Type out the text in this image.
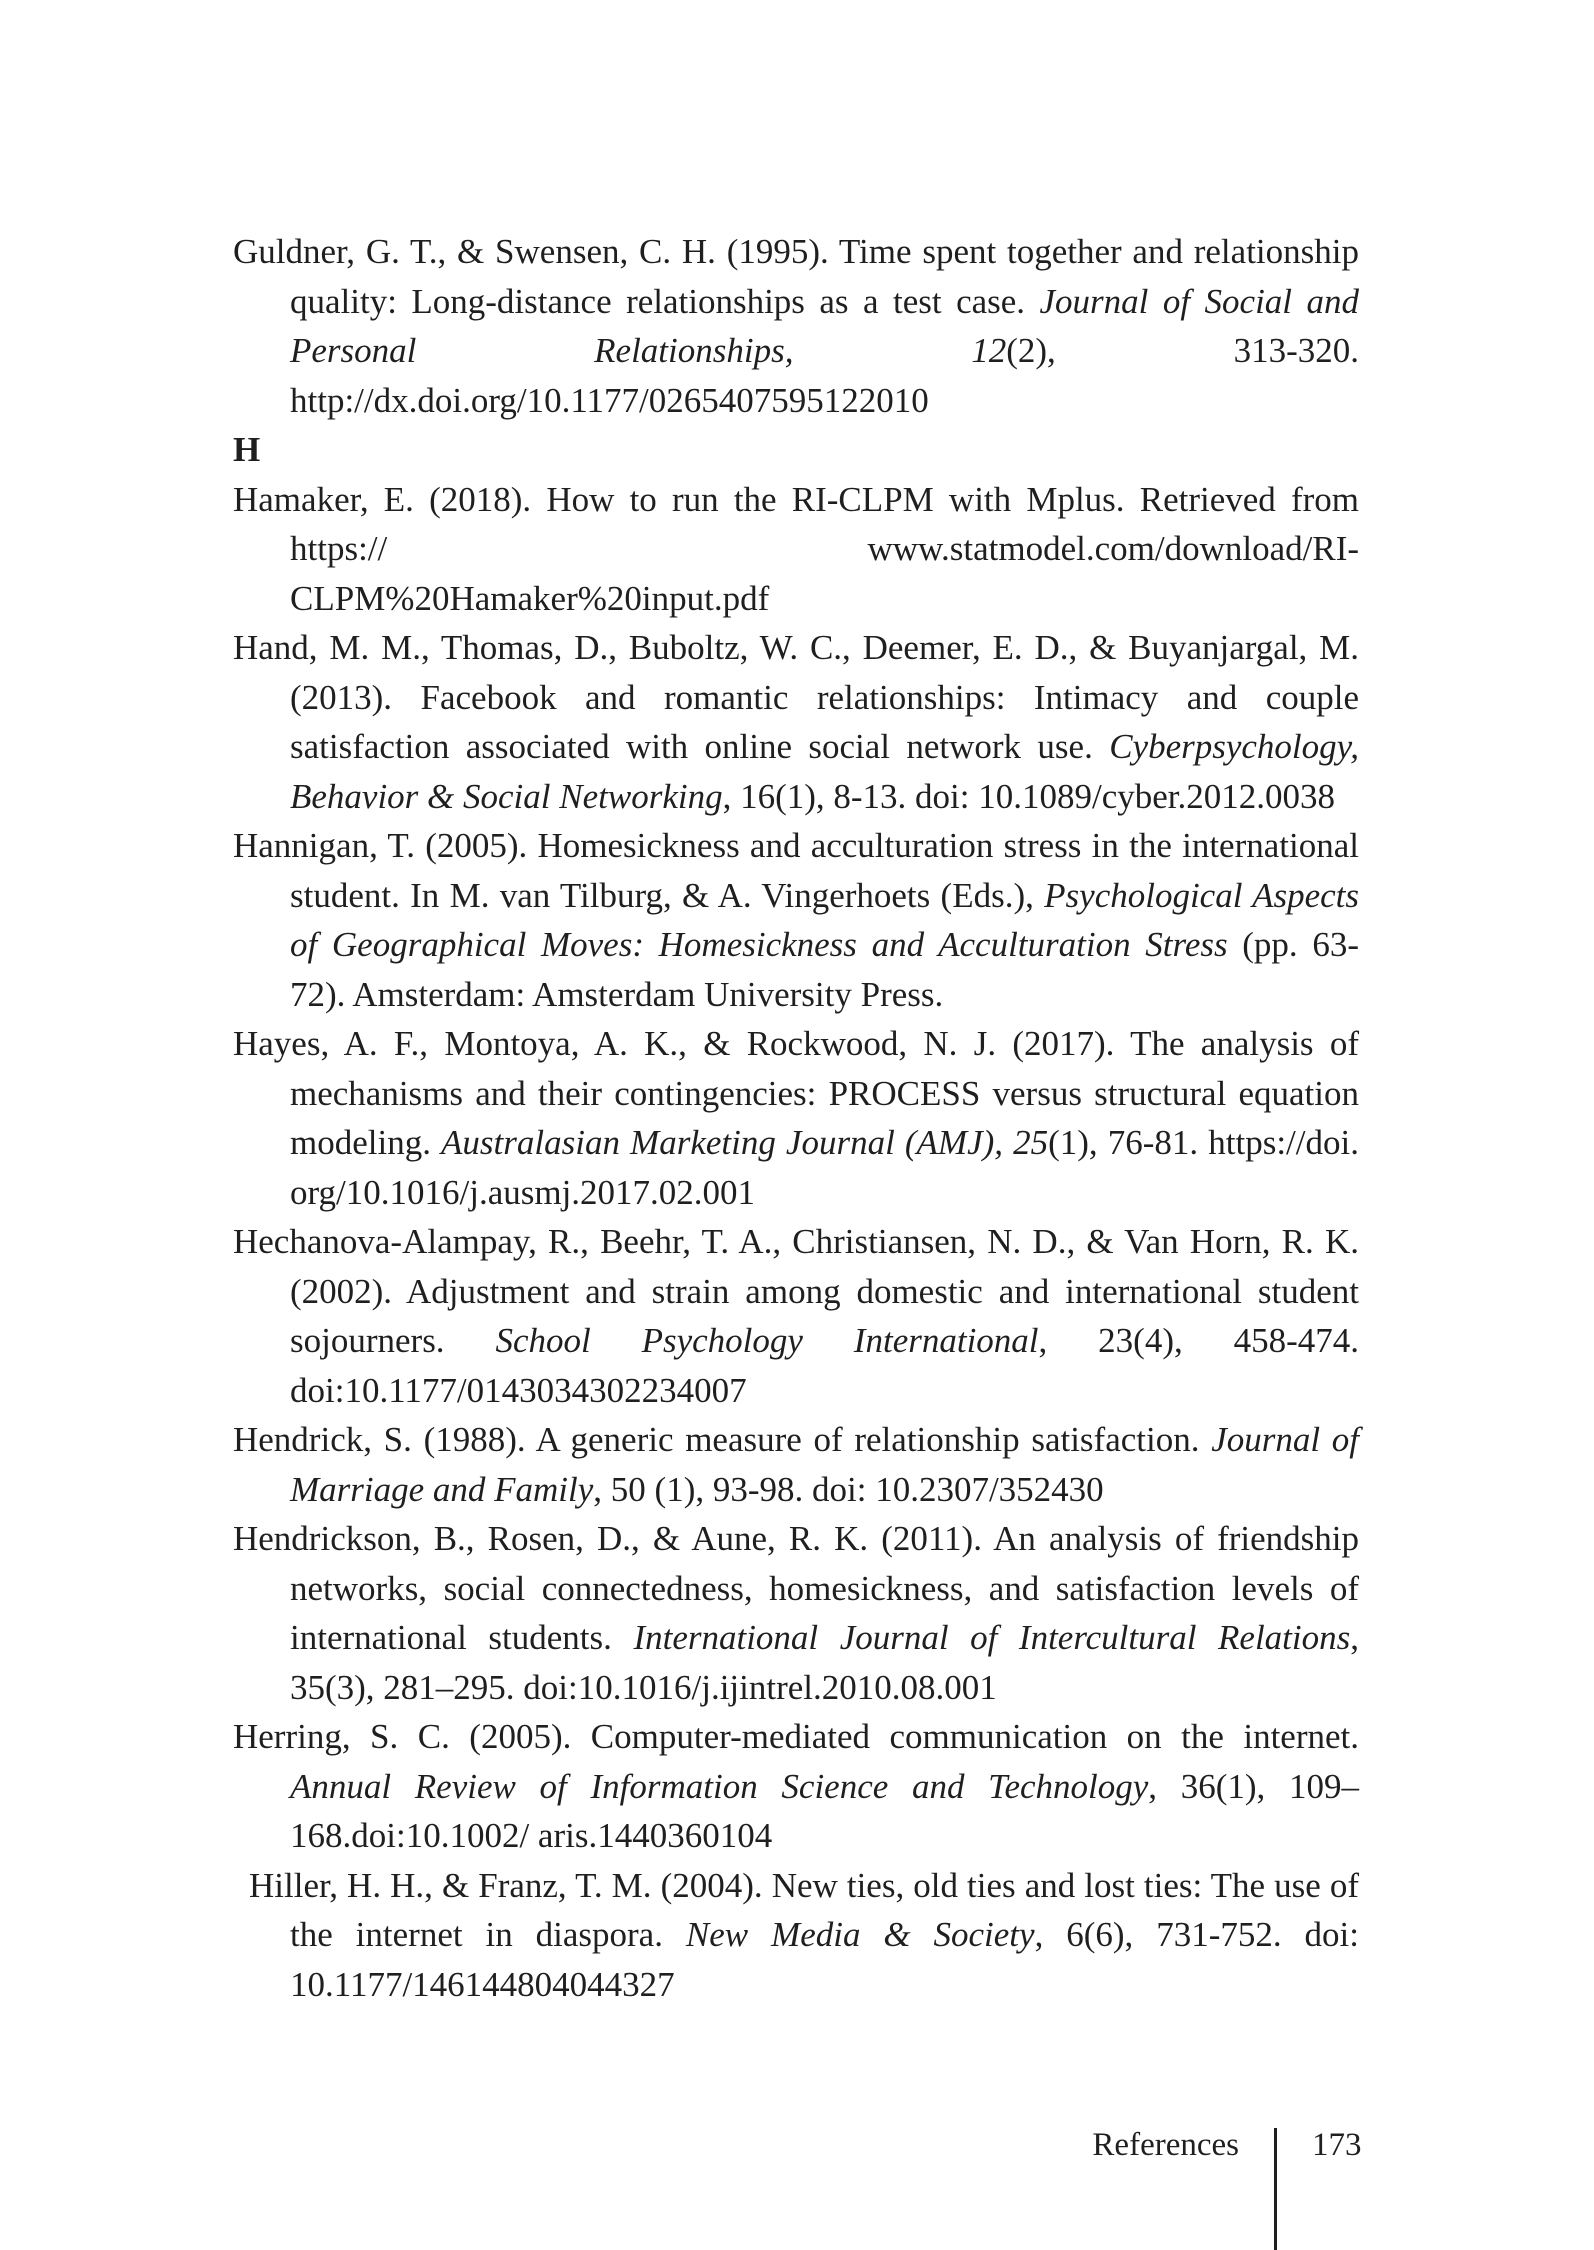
Guldner, G. T., & Swensen, C. H. (1995). Time spent together and relationship quality: Long-distance relationships as a test case. Journal of Social and Personal Relationships, 12(2), 313-320. http://dx.doi.org/10.1177/0265407595122010

H

Hamaker, E. (2018). How to run the RI-CLPM with Mplus. Retrieved from https:// www.statmodel.com/download/RI-CLPM%20Hamaker%20input.pdf

Hand, M. M., Thomas, D., Buboltz, W. C., Deemer, E. D., & Buyanjargal, M. (2013). Facebook and romantic relationships: Intimacy and couple satisfaction associated with online social network use. Cyberpsychology, Behavior & Social Networking, 16(1), 8-13. doi: 10.1089/cyber.2012.0038

Hannigan, T. (2005). Homesickness and acculturation stress in the international student. In M. van Tilburg, & A. Vingerhoets (Eds.), Psychological Aspects of Geographical Moves: Homesickness and Acculturation Stress (pp. 63-72). Amsterdam: Amsterdam University Press.

Hayes, A. F., Montoya, A. K., & Rockwood, N. J. (2017). The analysis of mechanisms and their contingencies: PROCESS versus structural equation modeling. Australasian Marketing Journal (AMJ), 25(1), 76-81. https://doi. org/10.1016/j.ausmj.2017.02.001

Hechanova-Alampay, R., Beehr, T. A., Christiansen, N. D., & Van Horn, R. K. (2002). Adjustment and strain among domestic and international student sojourners. School Psychology International, 23(4), 458-474. doi:10.1177/0143034302234007

Hendrick, S. (1988). A generic measure of relationship satisfaction. Journal of Marriage and Family, 50 (1), 93-98. doi: 10.2307/352430

Hendrickson, B., Rosen, D., & Aune, R. K. (2011). An analysis of friendship networks, social connectedness, homesickness, and satisfaction levels of international students. International Journal of Intercultural Relations, 35(3), 281–295. doi:10.1016/j.ijintrel.2010.08.001

Herring, S. C. (2005). Computer-mediated communication on the internet. Annual Review of Information Science and Technology, 36(1), 109–168.doi:10.1002/ aris.1440360104

Hiller, H. H., & Franz, T. M. (2004). New ties, old ties and lost ties: The use of the internet in diaspora. New Media & Society, 6(6), 731-752. doi: 10.1177/146144804044327

References 173
